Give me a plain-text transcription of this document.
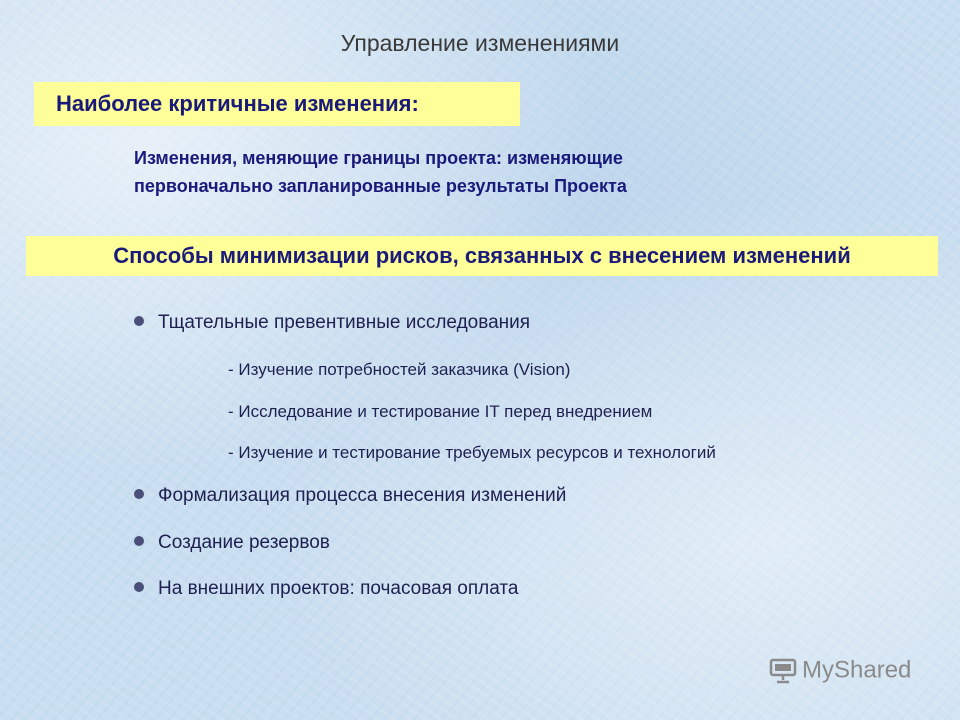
Управление изменениями
Наиболее критичные изменения:
Изменения, меняющие границы проекта: изменяющие
первоначально запланированные результаты Проекта
Способы минимизации рисков, связанных с внесением изменений
Тщательные превентивные исследования
- Изучение потребностей заказчика (Vision)
- Исследование и тестирование IT перед внедрением
- Изучение и тестирование требуемых ресурсов и технологий
Формализация процесса внесения изменений
Создание резервов
На внешних проектов: почасовая оплата
MyShared
